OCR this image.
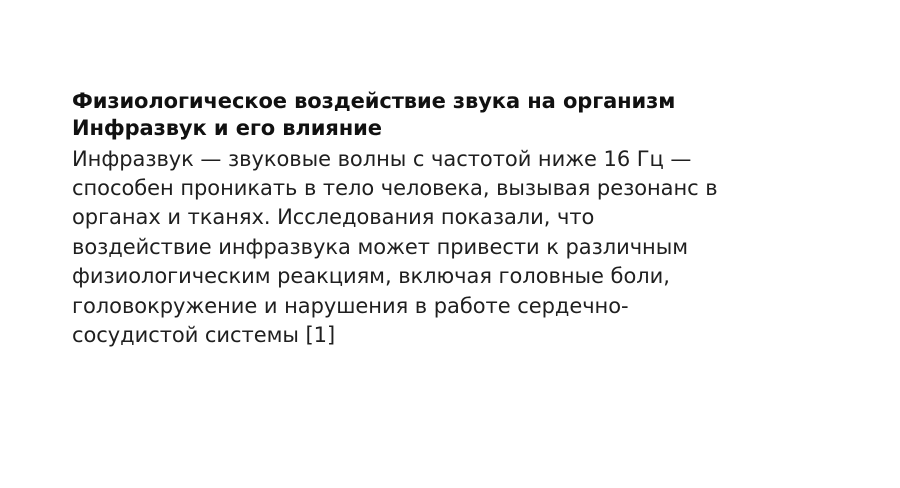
Физиологическое воздействие звука на организм
Инфразвук и его влияние

Инфразвук — звуковые волны с частотой ниже 16 Гц — способен проникать в тело человека, вызывая резонанс в органах и тканях. Исследования показали, что воздействие инфразвука может привести к различным физиологическим реакциям, включая головные боли, головокружение и нарушения в работе сердечно-сосудистой системы [1]
